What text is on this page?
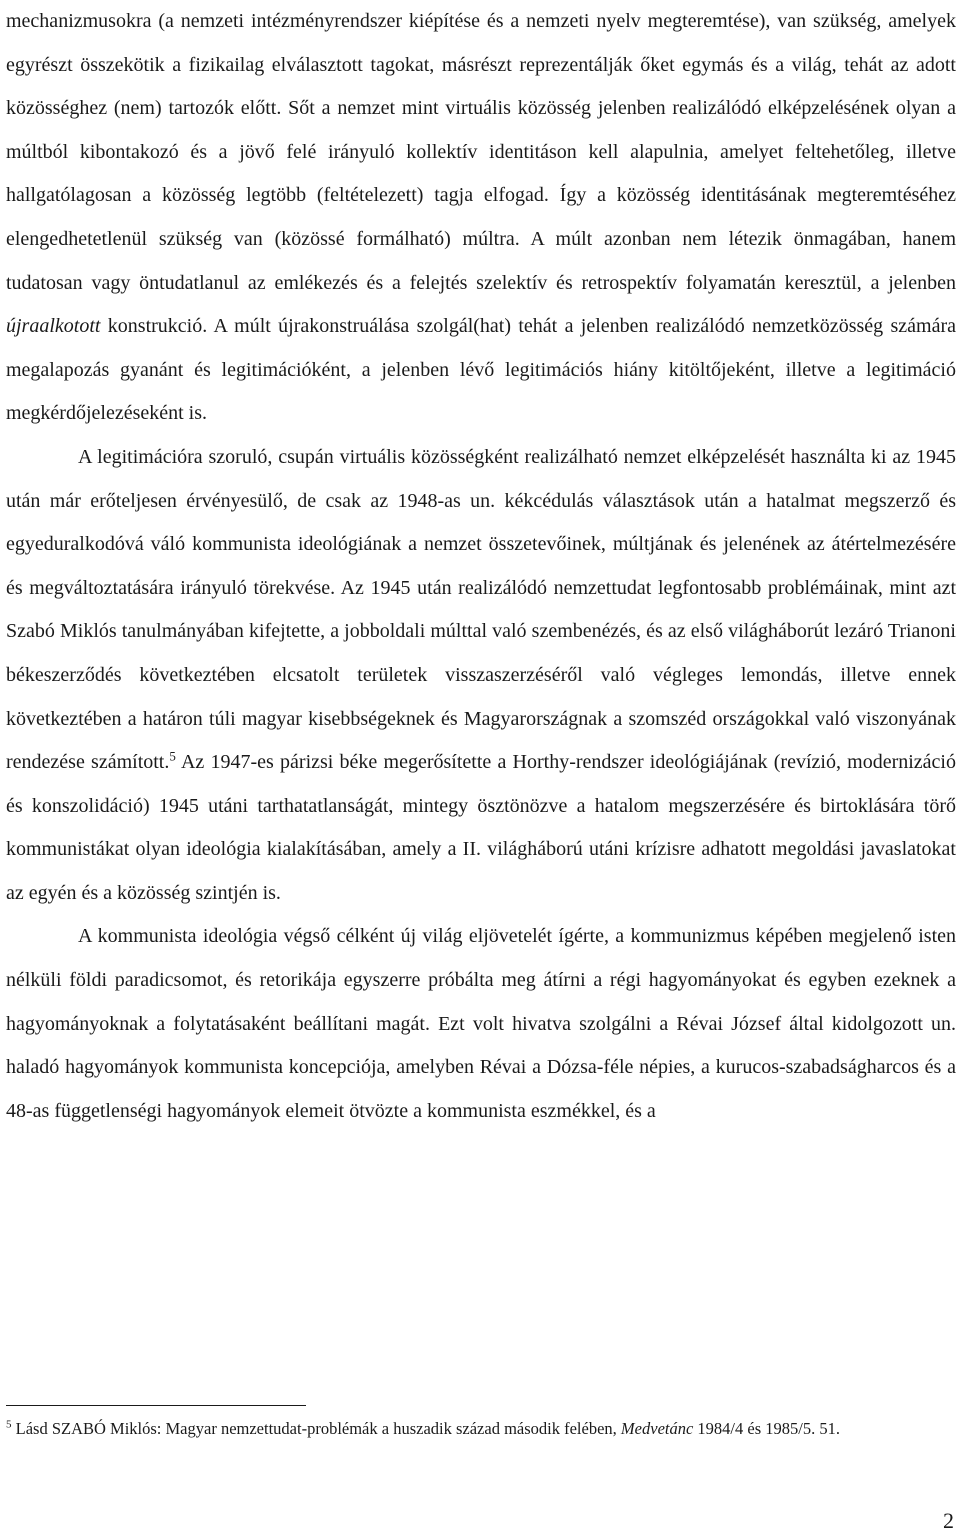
mechanizmusokra (a nemzeti intézményrendszer kiépítése és a nemzeti nyelv megteremtése), van szükség, amelyek egyrészt összekötik a fizikailag elválasztott tagokat, másrészt reprezentálják őket egymás és a világ, tehát az adott közösséghez (nem) tartozók előtt. Sőt a nemzet mint virtuális közösség jelenben realizálódó elképzelésének olyan a múltból kibontakozó és a jövő felé irányuló kollektív identitáson kell alapulnia, amelyet feltehetőleg, illetve hallgatólagosan a közösség legtöbb (feltételezett) tagja elfogad. Így a közösség identitásának megteremtéséhez elengedhetetlenül szükség van (közössé formálható) múltra. A múlt azonban nem létezik önmagában, hanem tudatosan vagy öntudatlanul az emlékezés és a felejtés szelektív és retrospektív folyamatán keresztül, a jelenben újraalkotott konstrukció. A múlt újrakonstruálása szolgál(hat) tehát a jelenben realizálódó nemzetközösség számára megalapozás gyanánt és legitimációként, a jelenben lévő legitimációs hiány kitöltőjeként, illetve a legitimáció megkérdőjelezéseként is.

A legitimációra szoruló, csupán virtuális közösségként realizálható nemzet elképzelését használta ki az 1945 után már erőteljesen érvényesülő, de csak az 1948-as un. kékcédulás választások után a hatalmat megszerző és egyeduralkodóvá váló kommunista ideológiának a nemzet összetevőinek, múltjának és jelenének az átértelmezésére és megváltoztatására irányuló törekvése. Az 1945 után realizálódó nemzettudat legfontosabb problémáinak, mint azt Szabó Miklós tanulmányában kifejtette, a jobboldali múlttal való szembenézés, és az első világháborút lezáró Trianoni békeszerződés következtében elcsatolt területek visszaszerzéséről való végleges lemondás, illetve ennek következtében a határon túli magyar kisebbségeknek és Magyarországnak a szomszéd országokkal való viszonyának rendezése számított.$^5$ Az 1947-es párizsi béke megerősítette a Horthy-rendszer ideológiájának (revízió, modernizáció és konszolidáció) 1945 utáni tarthatatlanságát, mintegy ösztönözve a hatalom megszerzésére és birtoklására törő kommunistákat olyan ideológia kialakításában, amely a II. világháború utáni krízisre adhatott megoldási javaslatokat az egyén és a közösség szintjén is.

A kommunista ideológia végső célként új világ eljövetelét ígérte, a kommunizmus képében megjelenő isten nélküli földi paradicsomot, és retorikája egyszerre próbálta meg átírni a régi hagyományokat és egyben ezeknek a hagyományoknak a folytatásaként beállítani magát. Ezt volt hivatva szolgálni a Révai József által kidolgozott un. haladó hagyományok kommunista koncepciója, amelyben Révai a Dózsa-féle népies, a kurucos-szabadságharcos és a 48-as függetlenségi hagyományok elemeit ötvözte a kommunista eszmékkel, és a

$^5$ Lásd SZABÓ Miklós: Magyar nemzettudat-problémák a huszadik század második felében, Medvetánc 1984/4 és 1985/5. 51.

2
